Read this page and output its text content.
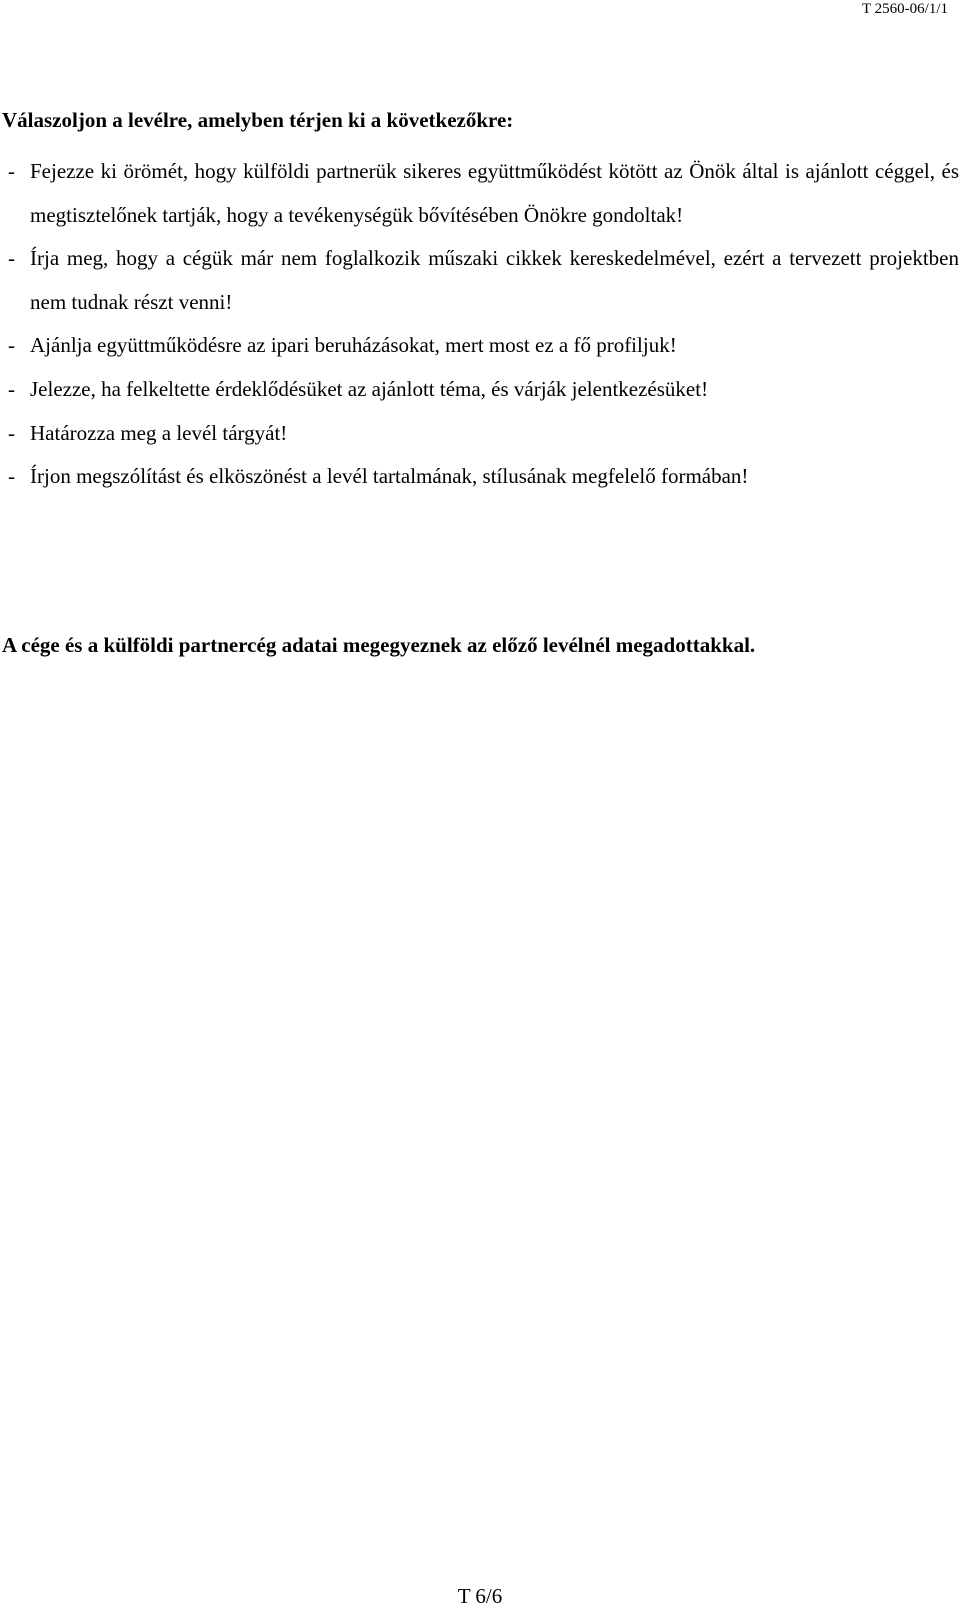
T 2560-06/1/1
Válaszoljon a levélre, amelyben térjen ki a következőkre:
- Fejezze ki örömét, hogy külföldi partnerük sikeres együttműködést kötött az Önök által is ajánlott céggel, és megtisztelőnek tartják, hogy a tevékenységük bővítésében Önökre gondoltak!
- Írja meg, hogy a cégük már nem foglalkozik műszaki cikkek kereskedelmével, ezért a tervezett projektben nem tudnak részt venni!
- Ajánlja együttműködésre az ipari beruházásokat, mert most ez a fő profiljuk!
- Jelezze, ha felkeltette érdeklődésüket az ajánlott téma, és várják jelentkezésüket!
- Határozza meg a levél tárgyát!
- Írjon megszólítást és elköszönést a levél tartalmának, stílusának megfelelő formában!

A cége és a külföldi partnercég adatai megegyeznek az előző levélnél megadottakkal.

T 6/6
